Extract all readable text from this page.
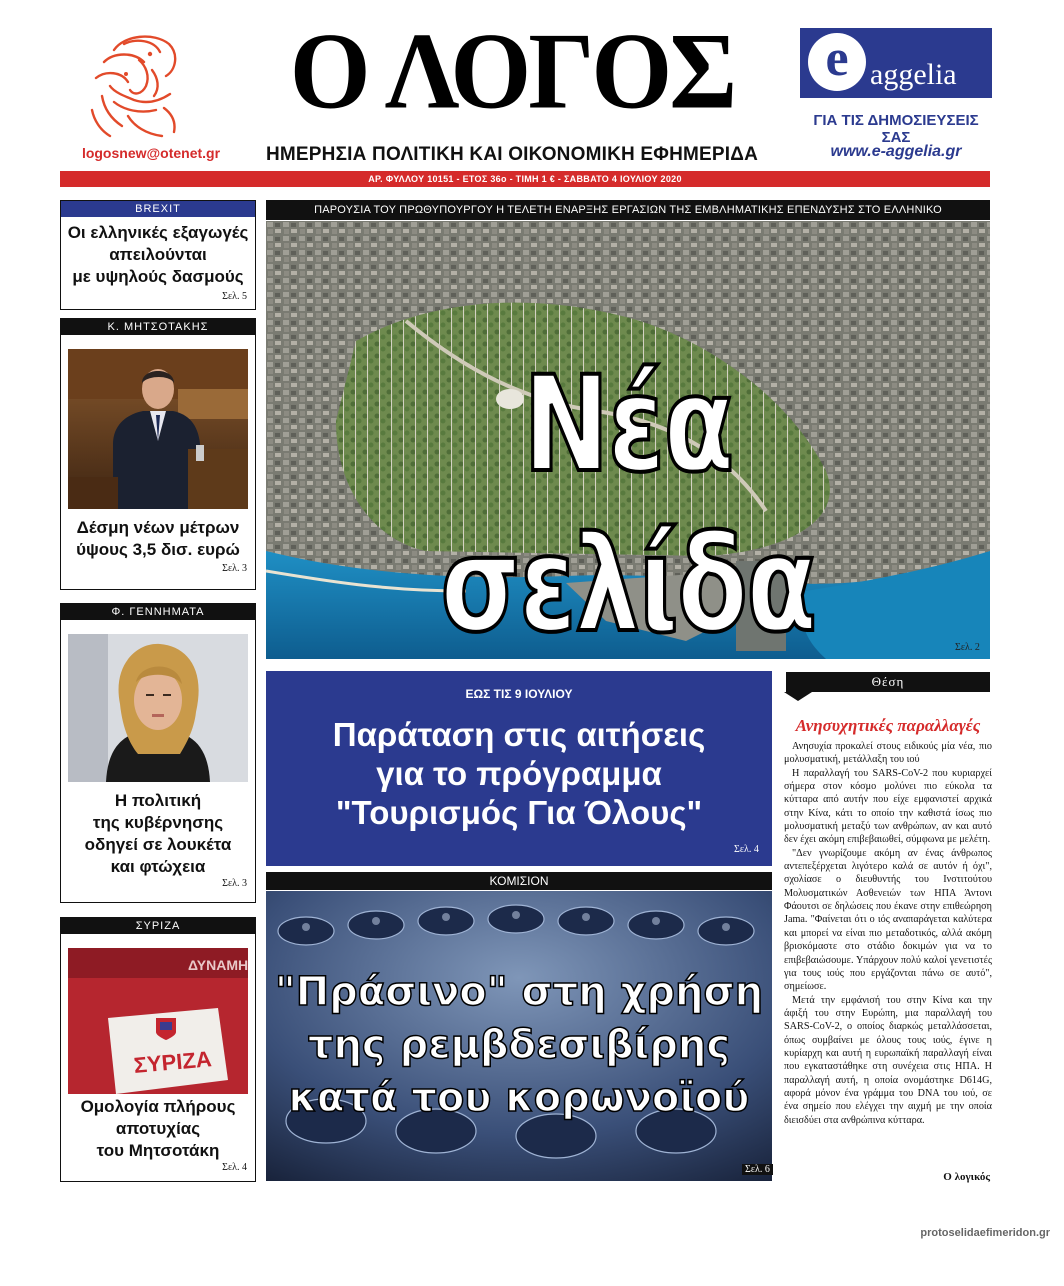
logosnew@otenet.gr
Ο ΛΟΓΟΣ
ΗΜΕΡΗΣΙΑ ΠΟΛΙΤΙΚΗ ΚΑΙ ΟΙΚΟΝΟΜΙΚΗ ΕΦΗΜΕΡΙΔΑ
e aggelia
ΓΙΑ ΤΙΣ ΔΗΜΟΣΙΕΥΣΕΙΣ ΣΑΣ
www.e-aggelia.gr
ΑΡ. ΦΥΛΛΟΥ 10151 - ΕΤΟΣ 36ο - ΤΙΜΗ 1 € - ΣΑΒΒΑΤΟ 4 ΙΟΥΛΙΟΥ 2020
BREXIT
Οι ελληνικές εξαγωγές
απειλούνται
με υψηλούς δασμούς
Σελ. 5
Κ. ΜΗΤΣΟΤΑΚΗΣ
Δέσμη νέων μέτρων
ύψους 3,5 δισ. ευρώ
Σελ. 3
Φ. ΓΕΝΝΗΜΑΤΑ
Η πολιτική
της κυβέρνησης
οδηγεί σε λουκέτα
και φτώχεια
Σελ. 3
ΣΥΡΙΖΑ
ΔΥΝΑΜΗ
ΣΥΡΙΖΑ
Ομολογία πλήρους
αποτυχίας
του Μητσοτάκη
Σελ. 4
ΠΑΡΟΥΣΙΑ ΤΟΥ ΠΡΩΘΥΠΟΥΡΓΟΥ Η ΤΕΛΕΤΗ ΕΝΑΡΞΗΣ ΕΡΓΑΣΙΩΝ ΤΗΣ ΕΜΒΛΗΜΑΤΙΚΗΣ ΕΠΕΝΔΥΣΗΣ ΣΤΟ ΕΛΛΗΝΙΚΟ
Νέα σελίδα	Σελ. 2
ΕΩΣ ΤΙΣ 9 ΙΟΥΛΙΟΥ
Παράταση στις αιτήσεις
για το πρόγραμμα
"Τουρισμός Για Όλους"
Σελ. 4
ΚΟΜΙΣΙΟΝ
"Πράσινο" στη χρήση
της ρεμβδεσιβίρης
κατά του κορωνοϊού
Σελ. 6
Θέση
Ανησυχητικές παραλλαγές

Ανησυχία προκαλεί στους ειδικούς μία νέα, πιο μολυσματική, μετάλλαξη του ιού

Η παραλλαγή του SARS-CoV-2 που κυριαρχεί σήμερα στον κόσμο μολύνει πιο εύκολα τα κύτταρα από αυτήν που είχε εμφανιστεί αρχικά στην Κίνα, κάτι το οποίο την καθιστά ίσως πιο μολυσματική μεταξύ των ανθρώπων, αν και αυτό δεν έχει ακόμη επιβεβαιωθεί, σύμφωνα με μελέτη.

"Δεν γνωρίζουμε ακόμη αν ένας άνθρωπος αντεπεξέρχεται λιγότερο καλά σε αυτόν ή όχι", σχολίασε ο διευθυντής του Ινστιτούτου Μολυσματικών Ασθενειών των ΗΠΑ Άντονι Φάουτσι σε δηλώσεις που έκανε στην επιθεώρηση Jama. "Φαίνεται ότι ο ιός αναπαράγεται καλύτερα και μπορεί να είναι πιο μεταδοτικός, αλλά ακόμη βρισκόμαστε στο στάδιο δοκιμών για να το επιβεβαιώσουμε. Υπάρχουν πολύ καλοί γενετιστές για τους ιούς που εργάζονται πάνω σε αυτό", σημείωσε.

Μετά την εμφάνισή του στην Κίνα και την άφιξή του στην Ευρώπη, μια παραλλαγή του SARS-CoV-2, ο οποίος διαρκώς μεταλλάσσεται, όπως συμβαίνει με όλους τους ιούς, έγινε η κυρίαρχη και αυτή η ευρωπαϊκή παραλλαγή είναι που εγκαταστάθηκε στη συνέχεια στις ΗΠΑ. Η παραλλαγή αυτή, η οποία ονομάστηκε D614G, αφορά μόνον ένα γράμμα του DNA του ιού, σε ένα σημείο που ελέγχει την αιχμή με την οποία διεισδύει στα ανθρώπινα κύτταρα.

Ο λογικός
protoselidaefimeridon.gr
